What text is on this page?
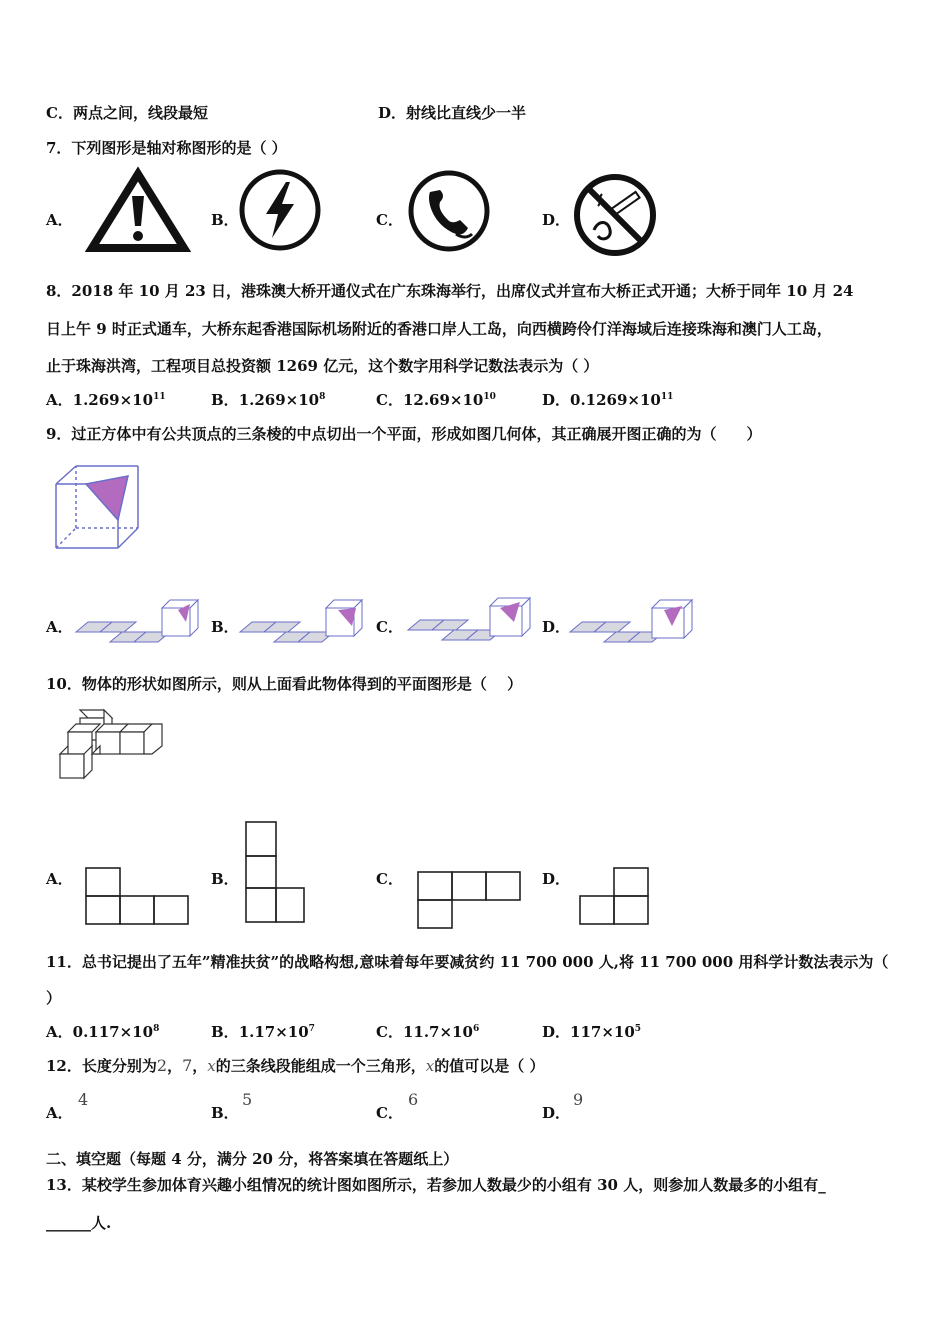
C．两点之间，线段最短	D．射线比直线少一半
7．下列图形是轴对称图形的是（ ）
A．	B．	C．	D．
8．2018 年 10 月 23 日，港珠澳大桥开通仪式在广东珠海举行，出席仪式并宣布大桥正式开通；大桥于同年 10 月 24
日上午 9 时正式通车，大桥东起香港国际机场附近的香港口岸人工岛，向西横跨伶仃洋海域后连接珠海和澳门人工岛，
止于珠海洪湾，工程项目总投资额 1269 亿元，这个数字用科学记数法表示为（ ）
A．$1.269\times 10^{11}$	B．$1.269\times 10^8$	C．$12.69\times 10^{10}$	D．$0.1269\times 10^{11}$
9．过正方体中有公共顶点的三条棱的中点切出一个平面，形成如图几何体，其正确展开图正确的为（　　）
A．	B．	C．	D．
10．物体的形状如图所示，则从上面看此物体得到的平面图形是（　 ）
A．	B．	C．	D．
11．总书记提出了五年”精准扶贫”的战略构想,意味着每年要减贫约 11 700 000 人,将 11 700 000 用科学计数法表示为（
）
A．$0.117\times 10^8$	B．$1.17\times 10^7$	C．$11.7\times 10^6$	D．$117\times 10^5$
12．长度分别为2，7，x的三条线段能组成一个三角形，x的值可以是（ ）
A．
4
B．
5
C．
6
D．
9
二、填空题（每题 4 分，满分 20 分，将答案填在答题纸上）
13．某校学生参加体育兴趣小组情况的统计图如图所示，若参加人数最少的小组有 30 人，则参加人数最多的小组有_
______人.
